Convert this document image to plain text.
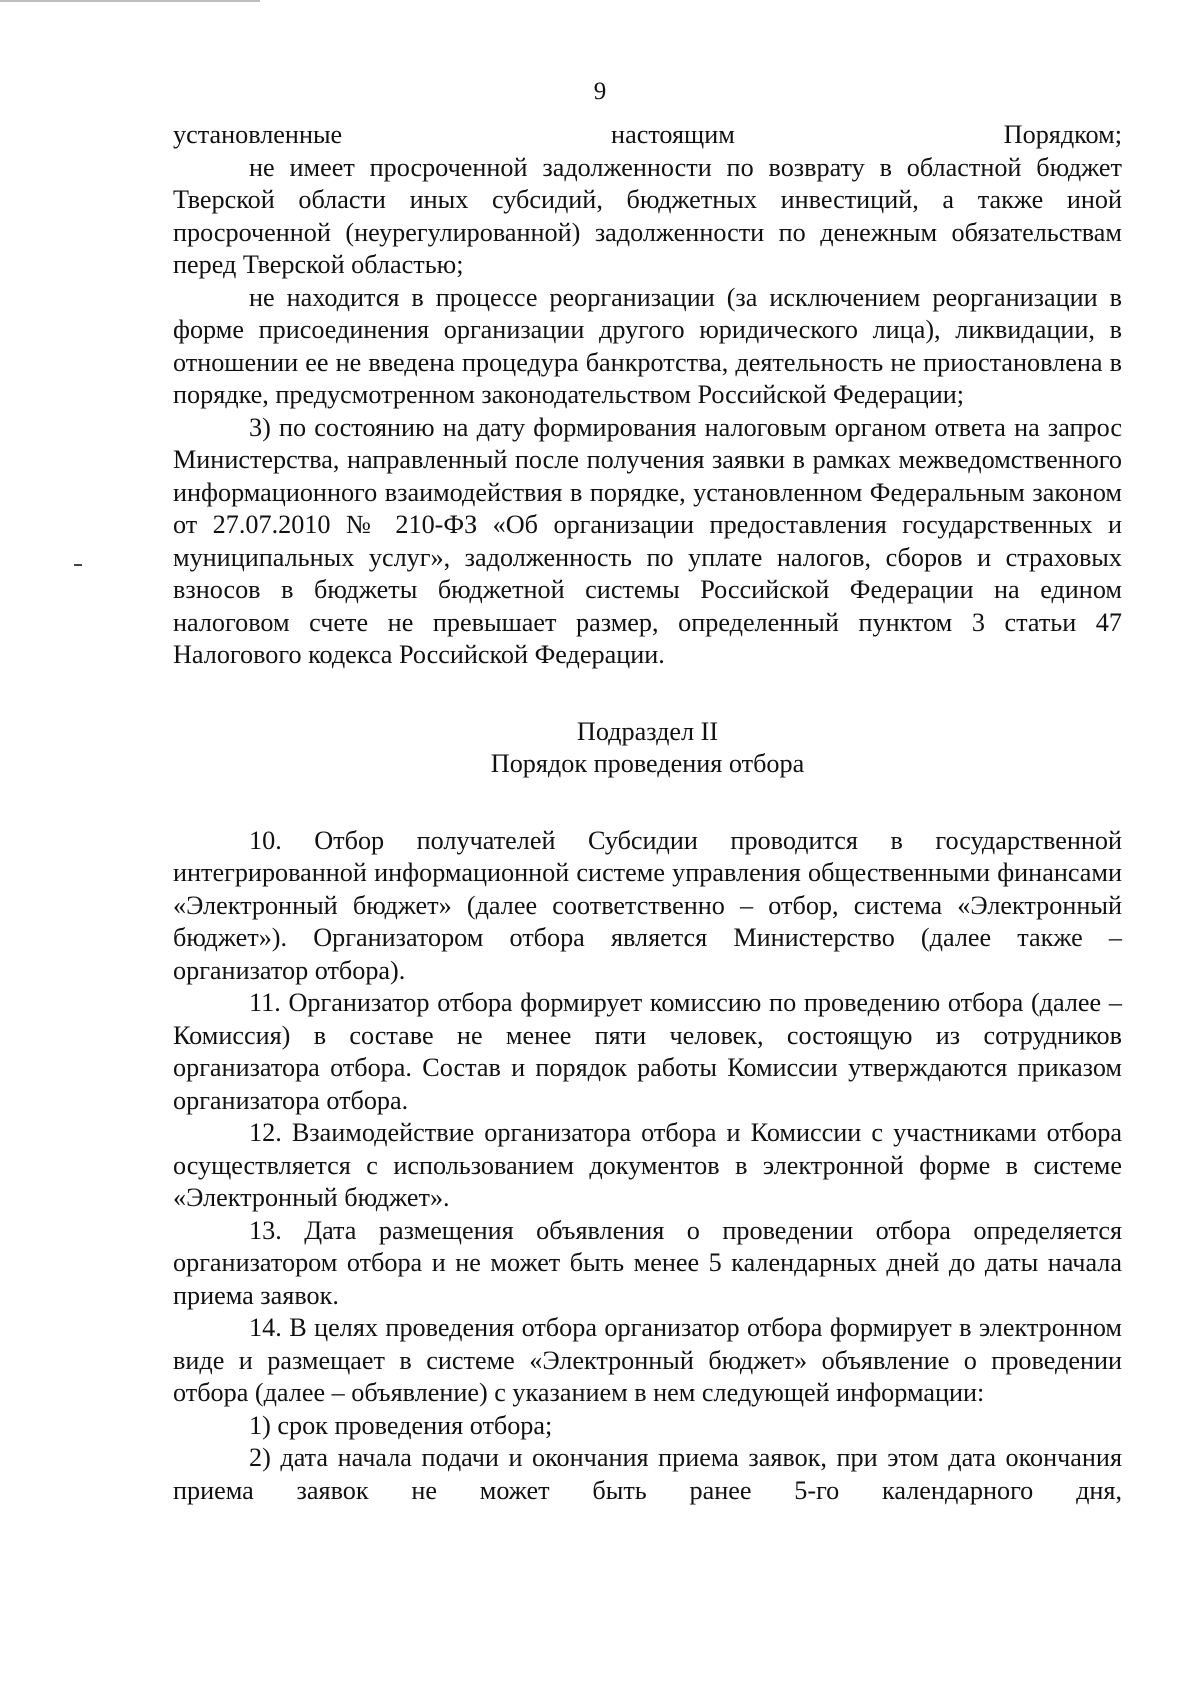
9

установленные настоящим Порядком;

не имеет просроченной задолженности по возврату в областной бюджет Тверской области иных субсидий, бюджетных инвестиций, а также иной просроченной (неурегулированной) задолженности по денежным обязательствам перед Тверской областью;

не находится в процессе реорганизации (за исключением реорганизации в форме присоединения организации другого юридического лица), ликвидации, в отношении ее не введена процедура банкротства, деятельность не приостановлена в порядке, предусмотренном законодательством Российской Федерации;

3) по состоянию на дату формирования налоговым органом ответа на запрос Министерства, направленный после получения заявки в рамках межведомственного информационного взаимодействия в порядке, установленном Федеральным законом от 27.07.2010 № 210-ФЗ «Об организации предоставления государственных и муниципальных услуг», задолженность по уплате налогов, сборов и страховых взносов в бюджеты бюджетной системы Российской Федерации на едином налоговом счете не превышает размер, определенный пунктом 3 статьи 47 Налогового кодекса Российской Федерации.

Подраздел II
Порядок проведения отбора

10. Отбор получателей Субсидии проводится в государственной интегрированной информационной системе управления общественными финансами «Электронный бюджет» (далее соответственно – отбор, система «Электронный бюджет»). Организатором отбора является Министерство (далее также – организатор отбора).

11. Организатор отбора формирует комиссию по проведению отбора (далее – Комиссия) в составе не менее пяти человек, состоящую из сотрудников организатора отбора. Состав и порядок работы Комиссии утверждаются приказом организатора отбора.

12. Взаимодействие организатора отбора и Комиссии с участниками отбора осуществляется с использованием документов в электронной форме в системе «Электронный бюджет».

13. Дата размещения объявления о проведении отбора определяется организатором отбора и не может быть менее 5 календарных дней до даты начала приема заявок.

14. В целях проведения отбора организатор отбора формирует в электронном виде и размещает в системе «Электронный бюджет» объявление о проведении отбора (далее – объявление) с указанием в нем следующей информации:

1) срок проведения отбора;

2) дата начала подачи и окончания приема заявок, при этом дата окончания приема заявок не может быть ранее 5-го календарного дня,
